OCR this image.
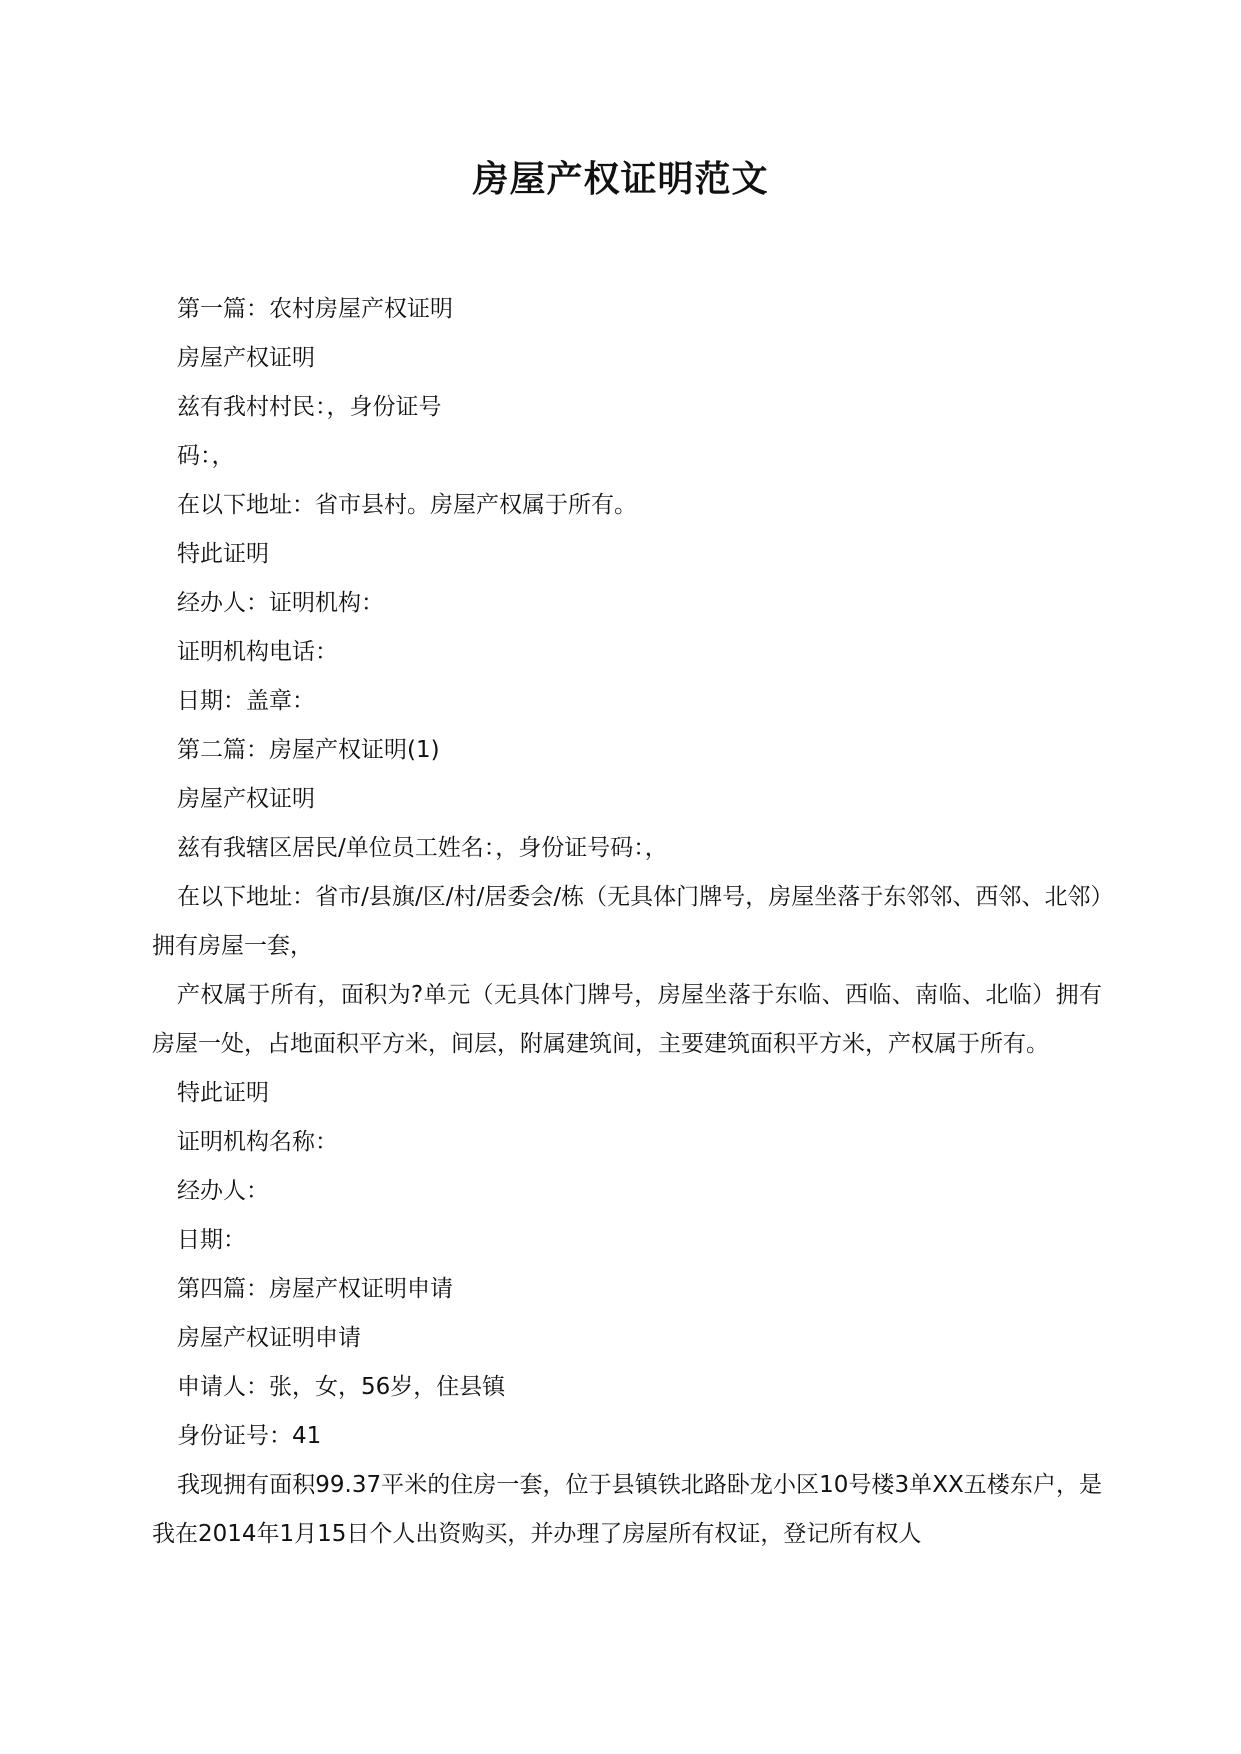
房屋产权证明范文

第一篇：农村房屋产权证明

房屋产权证明

兹有我村村民：，身份证号

码：，

在以下地址：省市县村。房屋产权属于所有。

特此证明

经办人：证明机构：

证明机构电话：

日期：盖章：

第二篇：房屋产权证明(1)

房屋产权证明

兹有我辖区居民/单位员工姓名：，身份证号码：，

在以下地址：省市/县旗/区/村/居委会/栋（无具体门牌号，房屋坐落于东邻邻、西邻、北邻）拥有房屋一套，

产权属于所有，面积为?单元（无具体门牌号，房屋坐落于东临、西临、南临、北临）拥有房屋一处，占地面积平方米，间层，附属建筑间，主要建筑面积平方米，产权属于所有。

特此证明

证明机构名称：

经办人：

日期：

第四篇：房屋产权证明申请

房屋产权证明申请

申请人：张，女，56岁，住县镇

身份证号：41

我现拥有面积99.37平米的住房一套，位于县镇铁北路卧龙小区10号楼3单XX五楼东户，是我在2014年1月15日个人出资购买，并办理了房屋所有权证，登记所有权人
